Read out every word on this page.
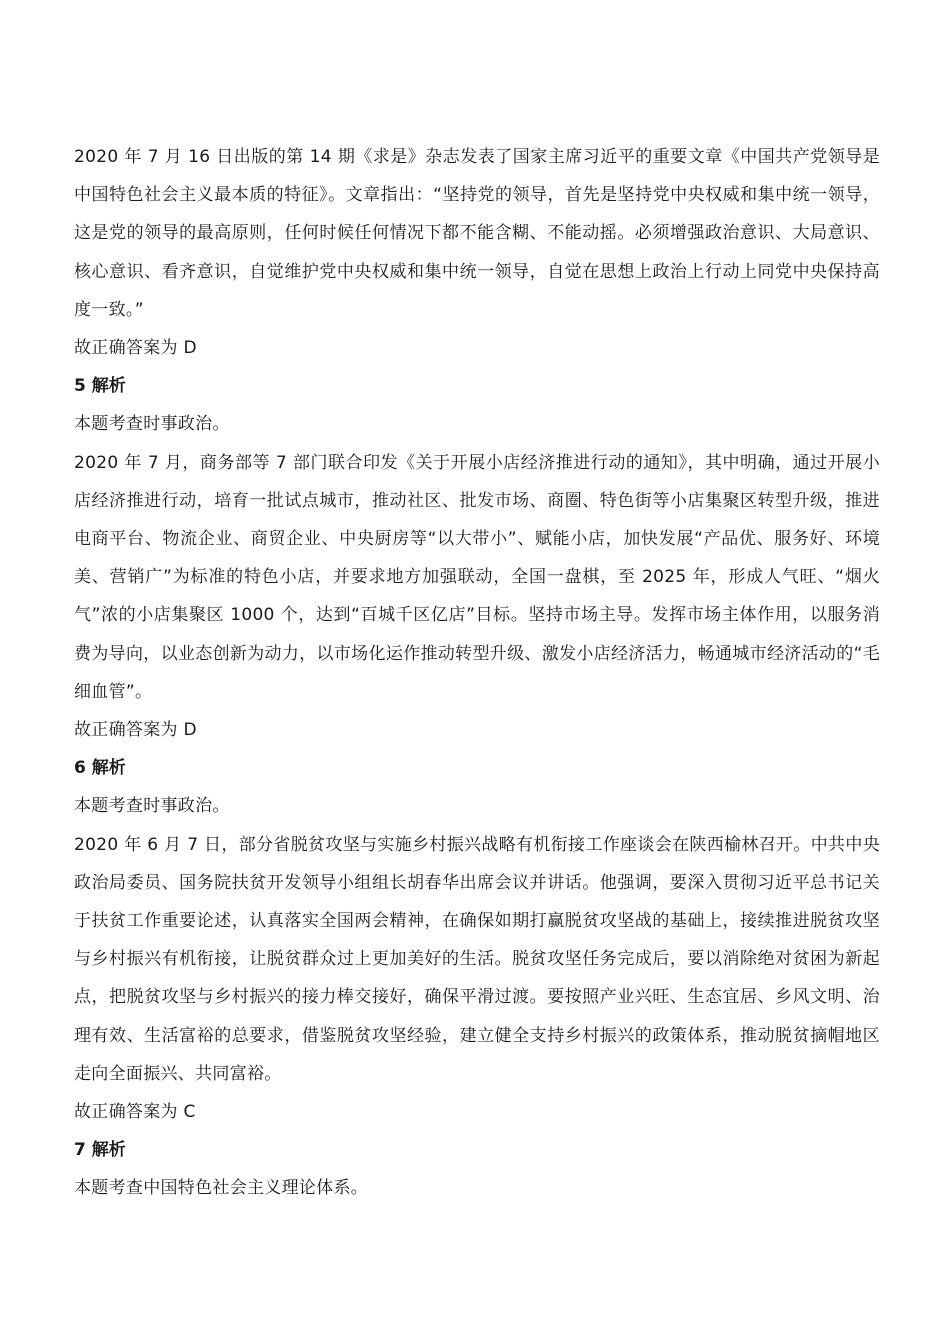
2020 年 7 月 16 日出版的第 14 期《求是》杂志发表了国家主席习近平的重要文章《中国共产党领导是中国特色社会主义最本质的特征》。文章指出：“坚持党的领导，首先是坚持党中央权威和集中统一领导，这是党的领导的最高原则，任何时候任何情况下都不能含糊、不能动摇。必须增强政治意识、大局意识、核心意识、看齐意识，自觉维护党中央权威和集中统一领导，自觉在思想上政治上行动上同党中央保持高度一致。”

故正确答案为 D

5 解析

本题考查时事政治。

2020 年 7 月，商务部等 7 部门联合印发《关于开展小店经济推进行动的通知》，其中明确，通过开展小店经济推进行动，培育一批试点城市，推动社区、批发市场、商圈、特色街等小店集聚区转型升级，推进电商平台、物流企业、商贸企业、中央厨房等“以大带小”、赋能小店，加快发展“产品优、服务好、环境美、营销广”为标准的特色小店，并要求地方加强联动，全国一盘棋，至 2025 年，形成人气旺、“烟火气”浓的小店集聚区 1000 个，达到“百城千区亿店”目标。坚持市场主导。发挥市场主体作用，以服务消费为导向，以业态创新为动力，以市场化运作推动转型升级、激发小店经济活力，畅通城市经济活动的“毛细血管”。

故正确答案为 D

6 解析

本题考查时事政治。

2020 年 6 月 7 日，部分省脱贫攻坚与实施乡村振兴战略有机衔接工作座谈会在陕西榆林召开。中共中央政治局委员、国务院扶贫开发领导小组组长胡春华出席会议并讲话。他强调，要深入贯彻习近平总书记关于扶贫工作重要论述，认真落实全国两会精神，在确保如期打赢脱贫攻坚战的基础上，接续推进脱贫攻坚与乡村振兴有机衔接，让脱贫群众过上更加美好的生活。脱贫攻坚任务完成后，要以消除绝对贫困为新起点，把脱贫攻坚与乡村振兴的接力棒交接好，确保平滑过渡。要按照产业兴旺、生态宜居、乡风文明、治理有效、生活富裕的总要求，借鉴脱贫攻坚经验，建立健全支持乡村振兴的政策体系，推动脱贫摘帽地区走向全面振兴、共同富裕。

故正确答案为 C

7 解析

本题考查中国特色社会主义理论体系。
